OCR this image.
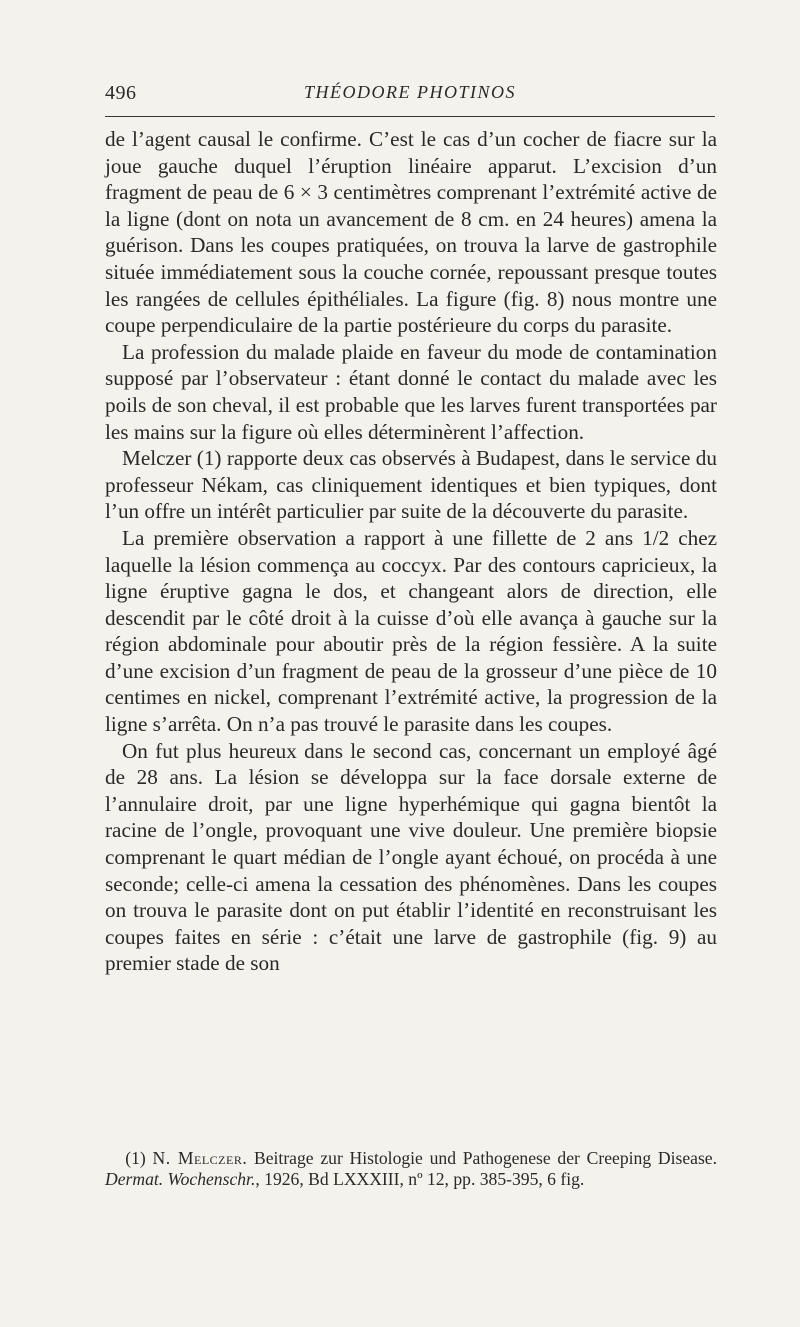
496	THÉODORE PHOTINOS

de l’agent causal le confirme. C’est le cas d’un cocher de fiacre sur la joue gauche duquel l’éruption linéaire apparut. L’excision d’un fragment de peau de 6 × 3 centimètres comprenant l’extrémité active de la ligne (dont on nota un avancement de 8 cm. en 24 heures) amena la guérison. Dans les coupes pratiquées, on trouva la larve de gastrophile située immédiatement sous la couche cornée, repoussant presque toutes les rangées de cellules épithéliales. La figure (fig. 8) nous montre une coupe perpendiculaire de la partie postérieure du corps du parasite.

La profession du malade plaide en faveur du mode de contamination supposé par l’observateur : étant donné le contact du malade avec les poils de son cheval, il est probable que les larves furent transportées par les mains sur la figure où elles déterminèrent l’affection.

Melczer (1) rapporte deux cas observés à Budapest, dans le service du professeur Nékam, cas cliniquement identiques et bien typiques, dont l’un offre un intérêt particulier par suite de la découverte du parasite.

La première observation a rapport à une fillette de 2 ans 1/2 chez laquelle la lésion commença au coccyx. Par des contours capricieux, la ligne éruptive gagna le dos, et changeant alors de direction, elle descendit par le côté droit à la cuisse d’où elle avança à gauche sur la région abdominale pour aboutir près de la région fessière. A la suite d’une excision d’un fragment de peau de la grosseur d’une pièce de 10 centimes en nickel, comprenant l’extrémité active, la progression de la ligne s’arrêta. On n’a pas trouvé le parasite dans les coupes.

On fut plus heureux dans le second cas, concernant un employé âgé de 28 ans. La lésion se développa sur la face dorsale externe de l’annulaire droit, par une ligne hyperhémique qui gagna bientôt la racine de l’ongle, provoquant une vive douleur. Une première biopsie comprenant le quart médian de l’ongle ayant échoué, on procéda à une seconde; celle-ci amena la cessation des phénomènes. Dans les coupes on trouva le parasite dont on put établir l’identité en reconstruisant les coupes faites en série : c’était une larve de gastrophile (fig. 9) au premier stade de son

(1) N. Melczer. Beitrage zur Histologie und Pathogenese der Creeping Disease. Dermat. Wochenschr., 1926, Bd LXXXIII, nº 12, pp. 385-395, 6 fig.
